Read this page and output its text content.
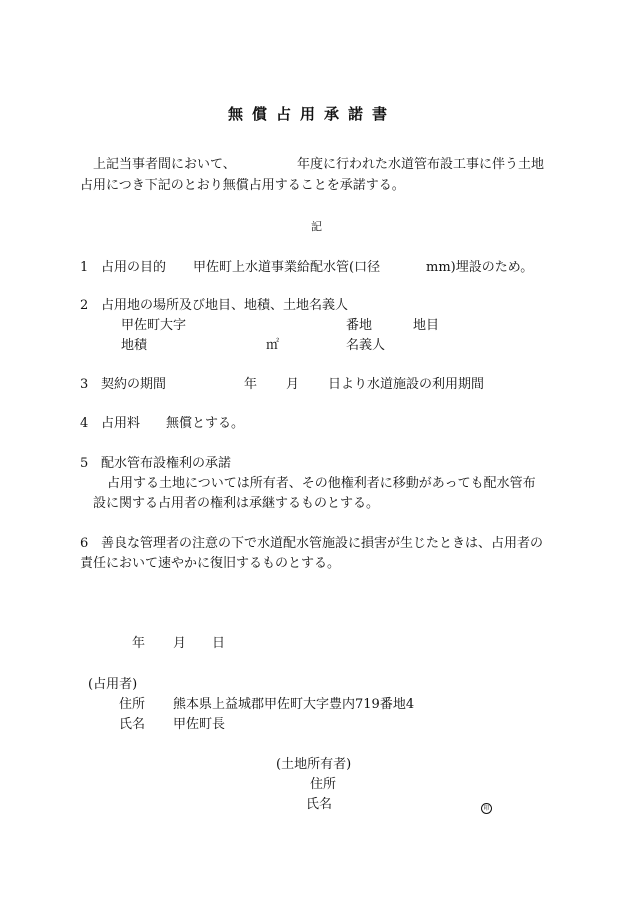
無償占用承諾書
上記当事者間において、	年度に行われた水道管布設工事に伴う土地
占用につき下記のとおり無償占用することを承諾する。
記
1 占用の目的 甲佐町上水道事業給配水管(口径	mm)埋設のため。
2 占用地の場所及び地目、地積、土地名義人
甲佐町大字	番地	地目
地積	㎡	名義人
3 契約の期間	年 月 日より水道施設の利用期間
4 占用料 無償とする。
5 配水管布設権利の承諾
占用する土地については所有者、その他権利者に移動があっても配水管布
設に関する占用者の権利は承継するものとする。
6 善良な管理者の注意の下で水道配水管施設に損害が生じたときは、占用者の
責任において速やかに復旧するものとする。
年 月 日
(占用者)
住所 熊本県上益城郡甲佐町大字豊内719番地4
氏名 甲佐町長
(土地所有者)
住所
氏名	印
